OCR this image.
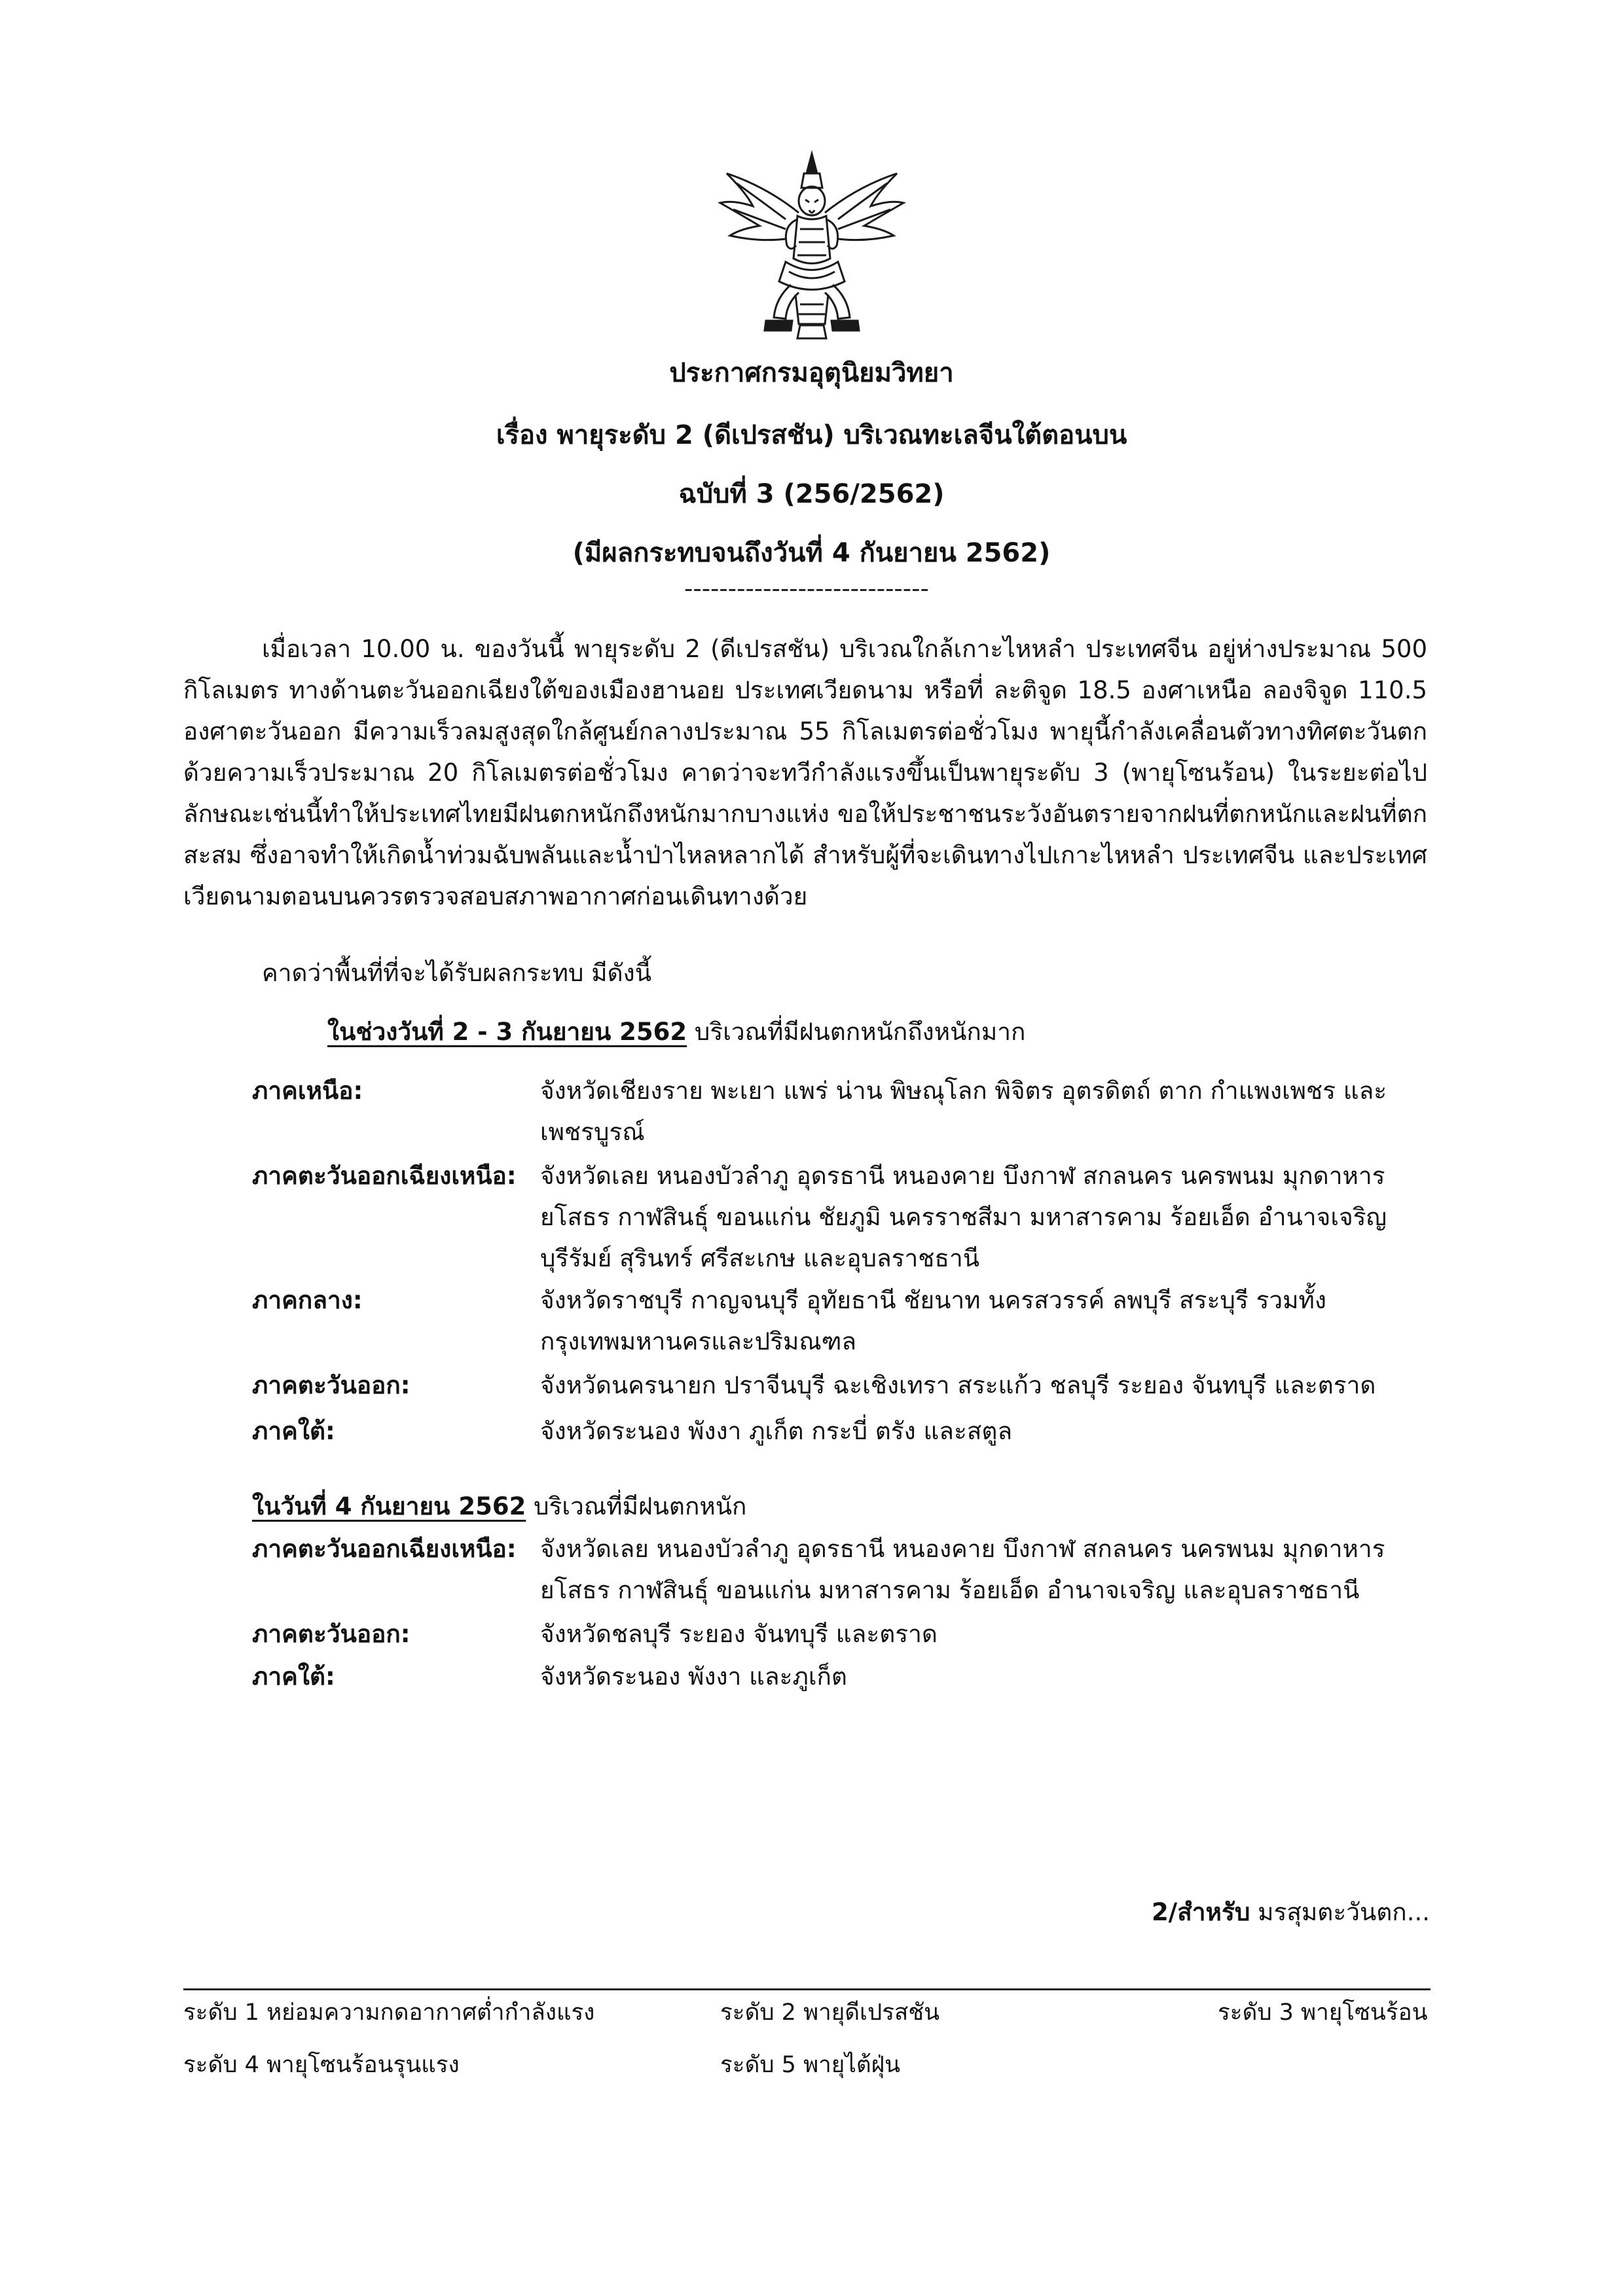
ประกาศกรมอุตุนิยมวิทยา
เรื่อง พายุระดับ 2 (ดีเปรสชัน) บริเวณทะเลจีนใต้ตอนบน
ฉบับที่ 3 (256/2562)
(มีผลกระทบจนถึงวันที่ 4 กันยายน 2562)

เมื่อเวลา 10.00 น. ของวันนี้ พายุระดับ 2 (ดีเปรสชัน) บริเวณใกล้เกาะไหหลำ ประเทศจีน อยู่ห่างประมาณ 500 กิโลเมตร ทางด้านตะวันออกเฉียงใต้ของเมืองฮานอย ประเทศเวียดนาม หรือที่ ละติจูด 18.5 องศาเหนือ ลองจิจูด 110.5 องศาตะวันออก มีความเร็วลมสูงสุดใกล้ศูนย์กลางประมาณ 55 กิโลเมตรต่อชั่วโมง พายุนี้กำลังเคลื่อนตัวทางทิศตะวันตก ด้วยความเร็วประมาณ 20 กิโลเมตรต่อชั่วโมง คาดว่าจะทวีกำลังแรงขึ้นเป็นพายุระดับ 3 (พายุโซนร้อน) ในระยะต่อไป ลักษณะเช่นนี้ทำให้ประเทศไทยมีฝนตกหนักถึงหนักมากบางแห่ง ขอให้ประชาชนระวังอันตรายจากฝนที่ตกหนักและฝนที่ตกสะสม ซึ่งอาจทำให้เกิดน้ำท่วมฉับพลันและน้ำป่าไหลหลากได้ สำหรับผู้ที่จะเดินทางไปเกาะไหหลำ ประเทศจีน และประเทศเวียดนามตอนบนควรตรวจสอบสภาพอากาศก่อนเดินทางด้วย

คาดว่าพื้นที่ที่จะได้รับผลกระทบ มีดังนี้
ในช่วงวันที่ 2 - 3 กันยายน 2562 บริเวณที่มีฝนตกหนักถึงหนักมาก
ภาคเหนือ:	จังหวัดเชียงราย พะเยา แพร่ น่าน พิษณุโลก พิจิตร อุตรดิตถ์ ตาก กำแพงเพชร และเพชรบูรณ์

ภาคตะวันออกเฉียงเหนือ: จังหวัดเลย หนองบัวลำภู อุดรธานี หนองคาย บึงกาฬ สกลนคร นครพนม มุกดาหาร ยโสธร กาฬสินธุ์ ขอนแก่น ชัยภูมิ นครราชสีมา มหาสารคาม ร้อยเอ็ด อำนาจเจริญ บุรีรัมย์ สุรินทร์ ศรีสะเกษ และอุบลราชธานี

ภาคกลาง:	จังหวัดราชบุรี กาญจนบุรี อุทัยธานี ชัยนาท นครสวรรค์ ลพบุรี สระบุรี รวมทั้งกรุงเทพมหานครและปริมณฑล

ภาคตะวันออก:	จังหวัดนครนายก ปราจีนบุรี ฉะเชิงเทรา สระแก้ว ชลบุรี ระยอง จันทบุรี และตราด

ภาคใต้:	จังหวัดระนอง พังงา ภูเก็ต กระบี่ ตรัง และสตูล

ในวันที่ 4 กันยายน 2562 บริเวณที่มีฝนตกหนัก
ภาคตะวันออกเฉียงเหนือ: จังหวัดเลย หนองบัวลำภู อุดรธานี หนองคาย บึงกาฬ สกลนคร นครพนม มุกดาหาร ยโสธร กาฬสินธุ์ ขอนแก่น มหาสารคาม ร้อยเอ็ด อำนาจเจริญ และอุบลราชธานี

ภาคตะวันออก:	จังหวัดชลบุรี ระยอง จันทบุรี และตราด

ภาคใต้:	จังหวัดระนอง พังงา และภูเก็ต

2/สำหรับ มรสุมตะวันตก...
ระดับ 1 หย่อมความกดอากาศต่ำกำลังแรง	ระดับ 2 พายุดีเปรสชัน	ระดับ 3 พายุโซนร้อน
ระดับ 4 พายุโซนร้อนรุนแรง	ระดับ 5 พายุไต้ฝุ่น
----------------------------
